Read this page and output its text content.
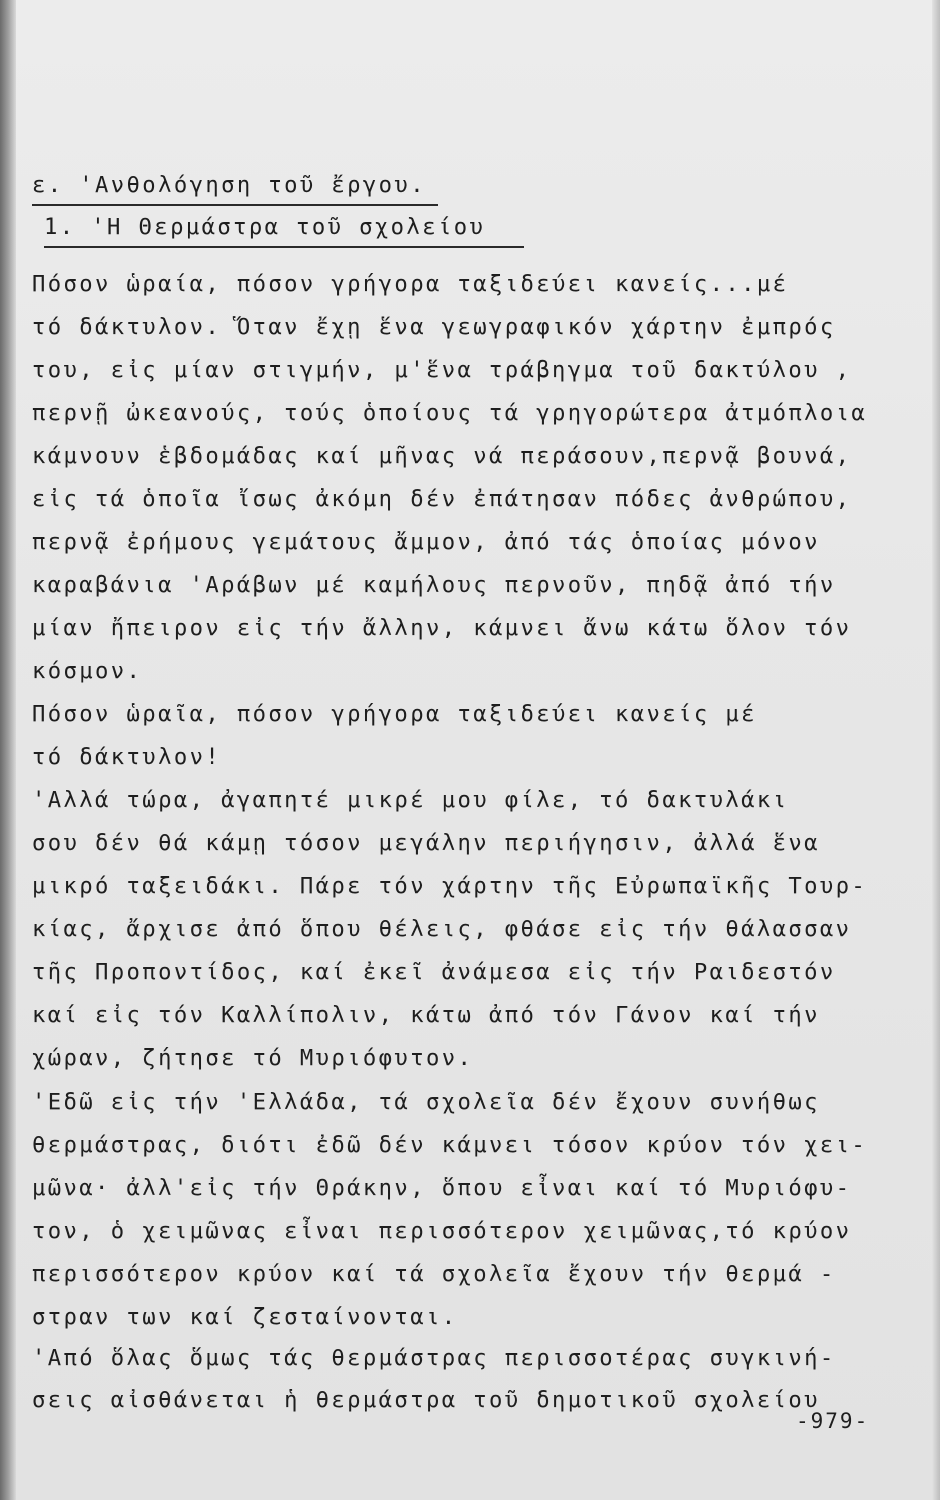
ε. 'Ανθολόγηση τοῦ ἔργου.
1. 'Η Θερμάστρα τοῦ σχολείου
Πόσον ὡραία, πόσον γρήγορα ταξιδεύει κανείς...μέ
τό δάκτυλον. Ὅταν ἔχῃ ἕνα γεωγραφικόν χάρτην ἐμπρός
του, εἰς μίαν στιγμήν, μ'ἕνα τράβηγμα τοῦ δακτύλου ,
περνῇ ὠκεανούς, τούς ὁποίους τά γρηγορώτερα ἀτμόπλοια
κάμνουν ἑβδομάδας καί μῆνας νά περάσουν,περνᾷ βουνά,
εἰς τά ὁποῖα ἴσως ἀκόμη δέν ἐπάτησαν πόδες ἀνθρώπου,
περνᾷ ἐρήμους γεμάτους ἄμμον, ἀπό τάς ὁποίας μόνον
καραβάνια 'Αράβων μέ καμήλους περνοῦν, πηδᾷ ἀπό τήν
μίαν ἤπειρον εἰς τήν ἄλλην, κάμνει ἄνω κάτω ὅλον τόν
κόσμον.
Πόσον ὡραῖα, πόσον γρήγορα ταξιδεύει κανείς μέ
τό δάκτυλον!
'Αλλά τώρα, ἀγαπητέ μικρέ μου φίλε, τό δακτυλάκι
σου δέν θά κάμῃ τόσον μεγάλην περιήγησιν, ἀλλά ἕνα
μικρό ταξειδάκι. Πάρε τόν χάρτην τῆς Εὐρωπαϊκῆς Τουρ-
κίας, ἄρχισε ἀπό ὅπου θέλεις, φθάσε εἰς τήν θάλασσαν
τῆς Προποντίδος, καί ἐκεῖ ἀνάμεσα εἰς τήν Ραιδεστόν
καί εἰς τόν Καλλίπολιν, κάτω ἀπό τόν Γάνον καί τήν
χώραν, ζήτησε τό Μυριόφυτον.
'Εδῶ εἰς τήν 'Ελλάδα, τά σχολεῖα δέν ἔχουν συνήθως
θερμάστρας, διότι ἐδῶ δέν κάμνει τόσον κρύον τόν χει-
μῶνα· ἀλλ'εἰς τήν Θράκην, ὅπου εἶναι καί τό Μυριόφυ-
τον, ὁ χειμῶνας εἶναι περισσότερον χειμῶνας,τό κρύον
περισσότερον κρύον καί τά σχολεῖα ἔχουν τήν θερμά -
στραν των καί ζεσταίνονται.
'Από ὅλας ὅμως τάς θερμάστρας περισσοτέρας συγκινή-
σεις αἰσθάνεται ἡ θερμάστρα τοῦ δημοτικοῦ σχολείου
-979-
